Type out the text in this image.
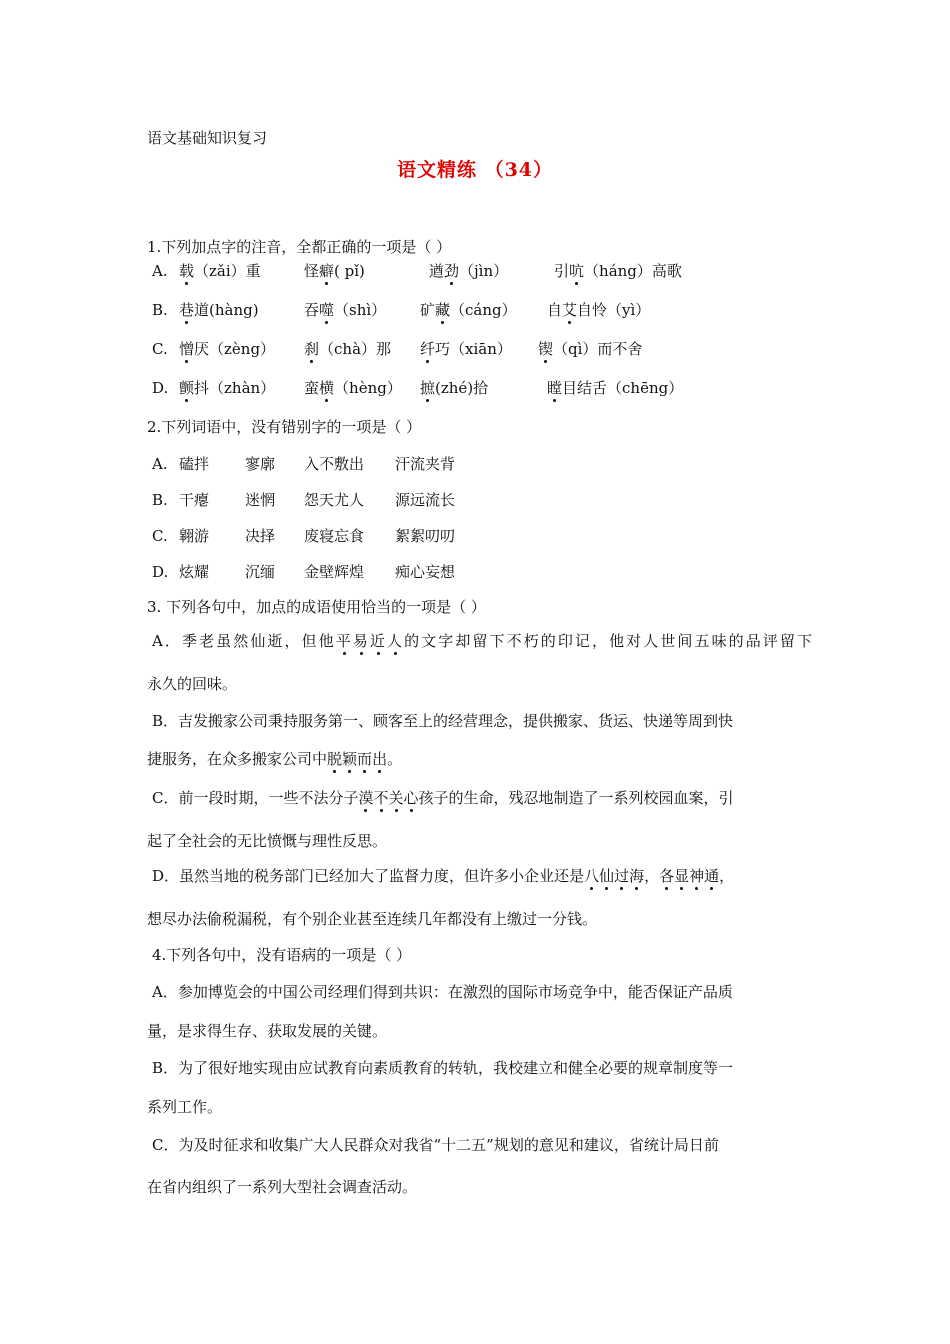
语文基础知识复习
语文精练 （34）
1.下列加点字的注音，全都正确的一项是（ ）
A. 载（zǎi）重	怪癖( pǐ)	遒劲（jìn）	引吭（háng）高歌
B. 巷道(hàng)	吞噬（shì） 矿藏（cáng） 自艾自怜（yì）
C. 憎厌（zèng） 刹（chà）那 纤巧（xiān） 锲（qì）而不舍
D. 颤抖（zhàn） 蛮横（hèng） 摭(zhé)拾	瞠目结舌（chēng）
2.下列词语中，没有错别字的一项是（ ）
A. 磕拌 寥廓 入不敷出 汗流夹背
B. 干瘪 迷惘 怨天尤人 源远流长
C. 翱游 决择 废寝忘食 絮絮叨叨
D. 炫耀 沉缅 金壁辉煌 痴心妄想
3. 下列各句中，加点的成语使用恰当的一项是（ ）
A．季老虽然仙逝，但他平易近人的文字却留下不朽的印记，他对人世间五味的品评留下
永久的回味。
B．吉发搬家公司秉持服务第一、顾客至上的经营理念，提供搬家、货运、快递等周到快
捷服务，在众多搬家公司中脱颖而出。
C．前一段时期，一些不法分子漠不关心孩子的生命，残忍地制造了一系列校园血案，引
起了全社会的无比愤慨与理性反思。
D．虽然当地的税务部门已经加大了监督力度，但许多小企业还是八仙过海，各显神通，
想尽办法偷税漏税，有个别企业甚至连续几年都没有上缴过一分钱。
4.下列各句中，没有语病的一项是（ ）
A．参加博览会的中国公司经理们得到共识：在激烈的国际市场竞争中，能否保证产品质
量，是求得生存、获取发展的关键。
B．为了很好地实现由应试教育向素质教育的转轨，我校建立和健全必要的规章制度等一
系列工作。
C．为及时征求和收集广大人民群众对我省“十二五”规划的意见和建议，省统计局日前
在省内组织了一系列大型社会调查活动。
